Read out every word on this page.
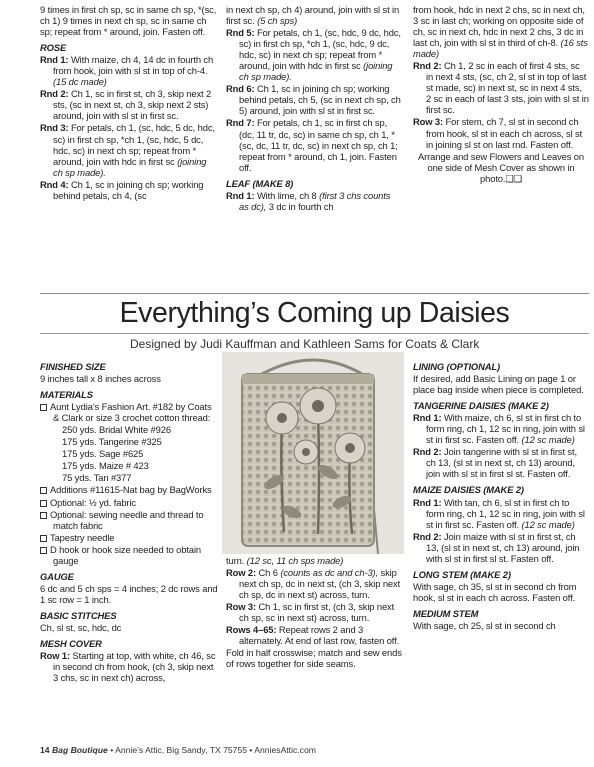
9 times in first ch sp, sc in same ch sp, *(sc, ch 1) 9 times in next ch sp, sc in same ch sp; repeat from * around, join. Fasten off.

ROSE

Rnd 1: With maize, ch 4, 14 dc in fourth ch from hook, join with sl st in top of ch-4. (15 dc made)

Rnd 2: Ch 1, sc in first st, ch 3, skip next 2 sts, (sc in next st, ch 3, skip next 2 sts) around, join with sl st in first sc.

Rnd 3: For petals, ch 1, (sc, hdc, 5 dc, hdc, sc) in first ch sp, *ch 1, (sc, hdc, 5 dc, hdc, sc) in next ch sp; repeat from * around, join with hdc in first sc (joining ch sp made).

Rnd 4: Ch 1, sc in joining ch sp; working behind petals, ch 4, (sc

in next ch sp, ch 4) around, join with sl st in first sc. (5 ch sps)

Rnd 5: For petals, ch 1, (sc, hdc, 9 dc, hdc, sc) in first ch sp, *ch 1, (sc, hdc, 9 dc, hdc, sc) in next ch sp; repeat from * around, join with hdc in first sc (joining ch sp made).

Rnd 6: Ch 1, sc in joining ch sp; working behind petals, ch 5, (sc in next ch sp, ch 5) around, join with sl st in first sc.

Rnd 7: For petals, ch 1, sc in first ch sp, (dc, 11 tr, dc, sc) in same ch sp, ch 1, *(sc, dc, 11 tr, dc, sc) in next ch sp, ch 1; repeat from * around, ch 1, join. Fasten off.

LEAF (MAKE 8)

Rnd 1: With lime, ch 8 (first 3 chs counts as dc), 3 dc in fourth ch

from hook, hdc in next 2 chs, sc in next ch, 3 sc in last ch; working on opposite side of ch, sc in next ch, hdc in next 2 chs, 3 dc in last ch, join with sl st in third of ch-8. (16 sts made)

Rnd 2: Ch 1, 2 sc in each of first 4 sts, sc in next 4 sts, (sc, ch 2, sl st in top of last st made, sc) in next st, sc in next 4 sts, 2 sc in each of last 3 sts, join with sl st in first sc.

Row 3: For stem, ch 7, sl st in second ch from hook, sl st in each ch across, sl st in joining sl st on last rnd. Fasten off.

Arrange and sew Flowers and Leaves on one side of Mesh Cover as shown in photo.❑❑

Everything’s Coming up Daisies
Designed by Judi Kauffman and Kathleen Sams for Coats & Clark
FINISHED SIZE

9 inches tall x 8 inches across

MATERIALS

Aunt Lydia’s Fashion Art. #182 by Coats & Clark or size 3 crochet cotton thread:

250 yds. Bridal White #926

175 yds. Tangerine #325

175 yds. Sage #625

175 yds. Maize # 423

75 yds. Tan #377

Additions #11615-Nat bag by BagWorks

Optional: ½ yd. fabric

Optional: sewing needle and thread to match fabric

Tapestry needle

D hook or hook size needed to obtain gauge

GAUGE

6 dc and 5 ch sps = 4 inches; 2 dc rows and 1 sc row = 1 inch.

BASIC STITCHES

Ch, sl st, sc, hdc, dc

MESH COVER

Row 1: Starting at top, with white, ch 46, sc in second ch from hook, (ch 3, skip next 3 chs, sc in next ch) across,

turn. (12 sc, 11 ch sps made)

Row 2: Ch 6 (counts as dc and ch-3), skip next ch sp, dc in next st, (ch 3, skip next ch sp, dc in next st) across, turn.

Row 3: Ch 1, sc in first st, (ch 3, skip next ch sp, sc in next st) across, turn.

Rows 4–65: Repeat rows 2 and 3 alternately. At end of last row, fasten off.

Fold in half crosswise; match and sew ends of rows together for side seams.

LINING (OPTIONAL)

If desired, add Basic Lining on page 1 or place bag inside when piece is completed.

TANGERINE DAISIES (MAKE 2)

Rnd 1: With maize, ch 6, sl st in first ch to form ring, ch 1, 12 sc in ring, join with sl st in first sc. Fasten off. (12 sc made)

Rnd 2: Join tangerine with sl st in first st, ch 13, (sl st in next st, ch 13) around, join with sl st in first sl st. Fasten off.

MAIZE DAISIES (MAKE 2)

Rnd 1: With tan, ch 6, sl st in first ch to form ring, ch 1, 12 sc in ring, join with sl st in first sc. Fasten off. (12 sc made)

Rnd 2: Join maize with sl st in first st, ch 13, (sl st in next st, ch 13) around, join with sl st in first sl st. Fasten off.

LONG STEM (MAKE 2)

With sage, ch 35, sl st in second ch from hook, sl st in each ch across. Fasten off.

MEDIUM STEM

With sage, ch 25, sl st in second ch

14 Bag Boutique • Annie’s Attic, Big Sandy, TX 75755 • AnniesAttic.com
